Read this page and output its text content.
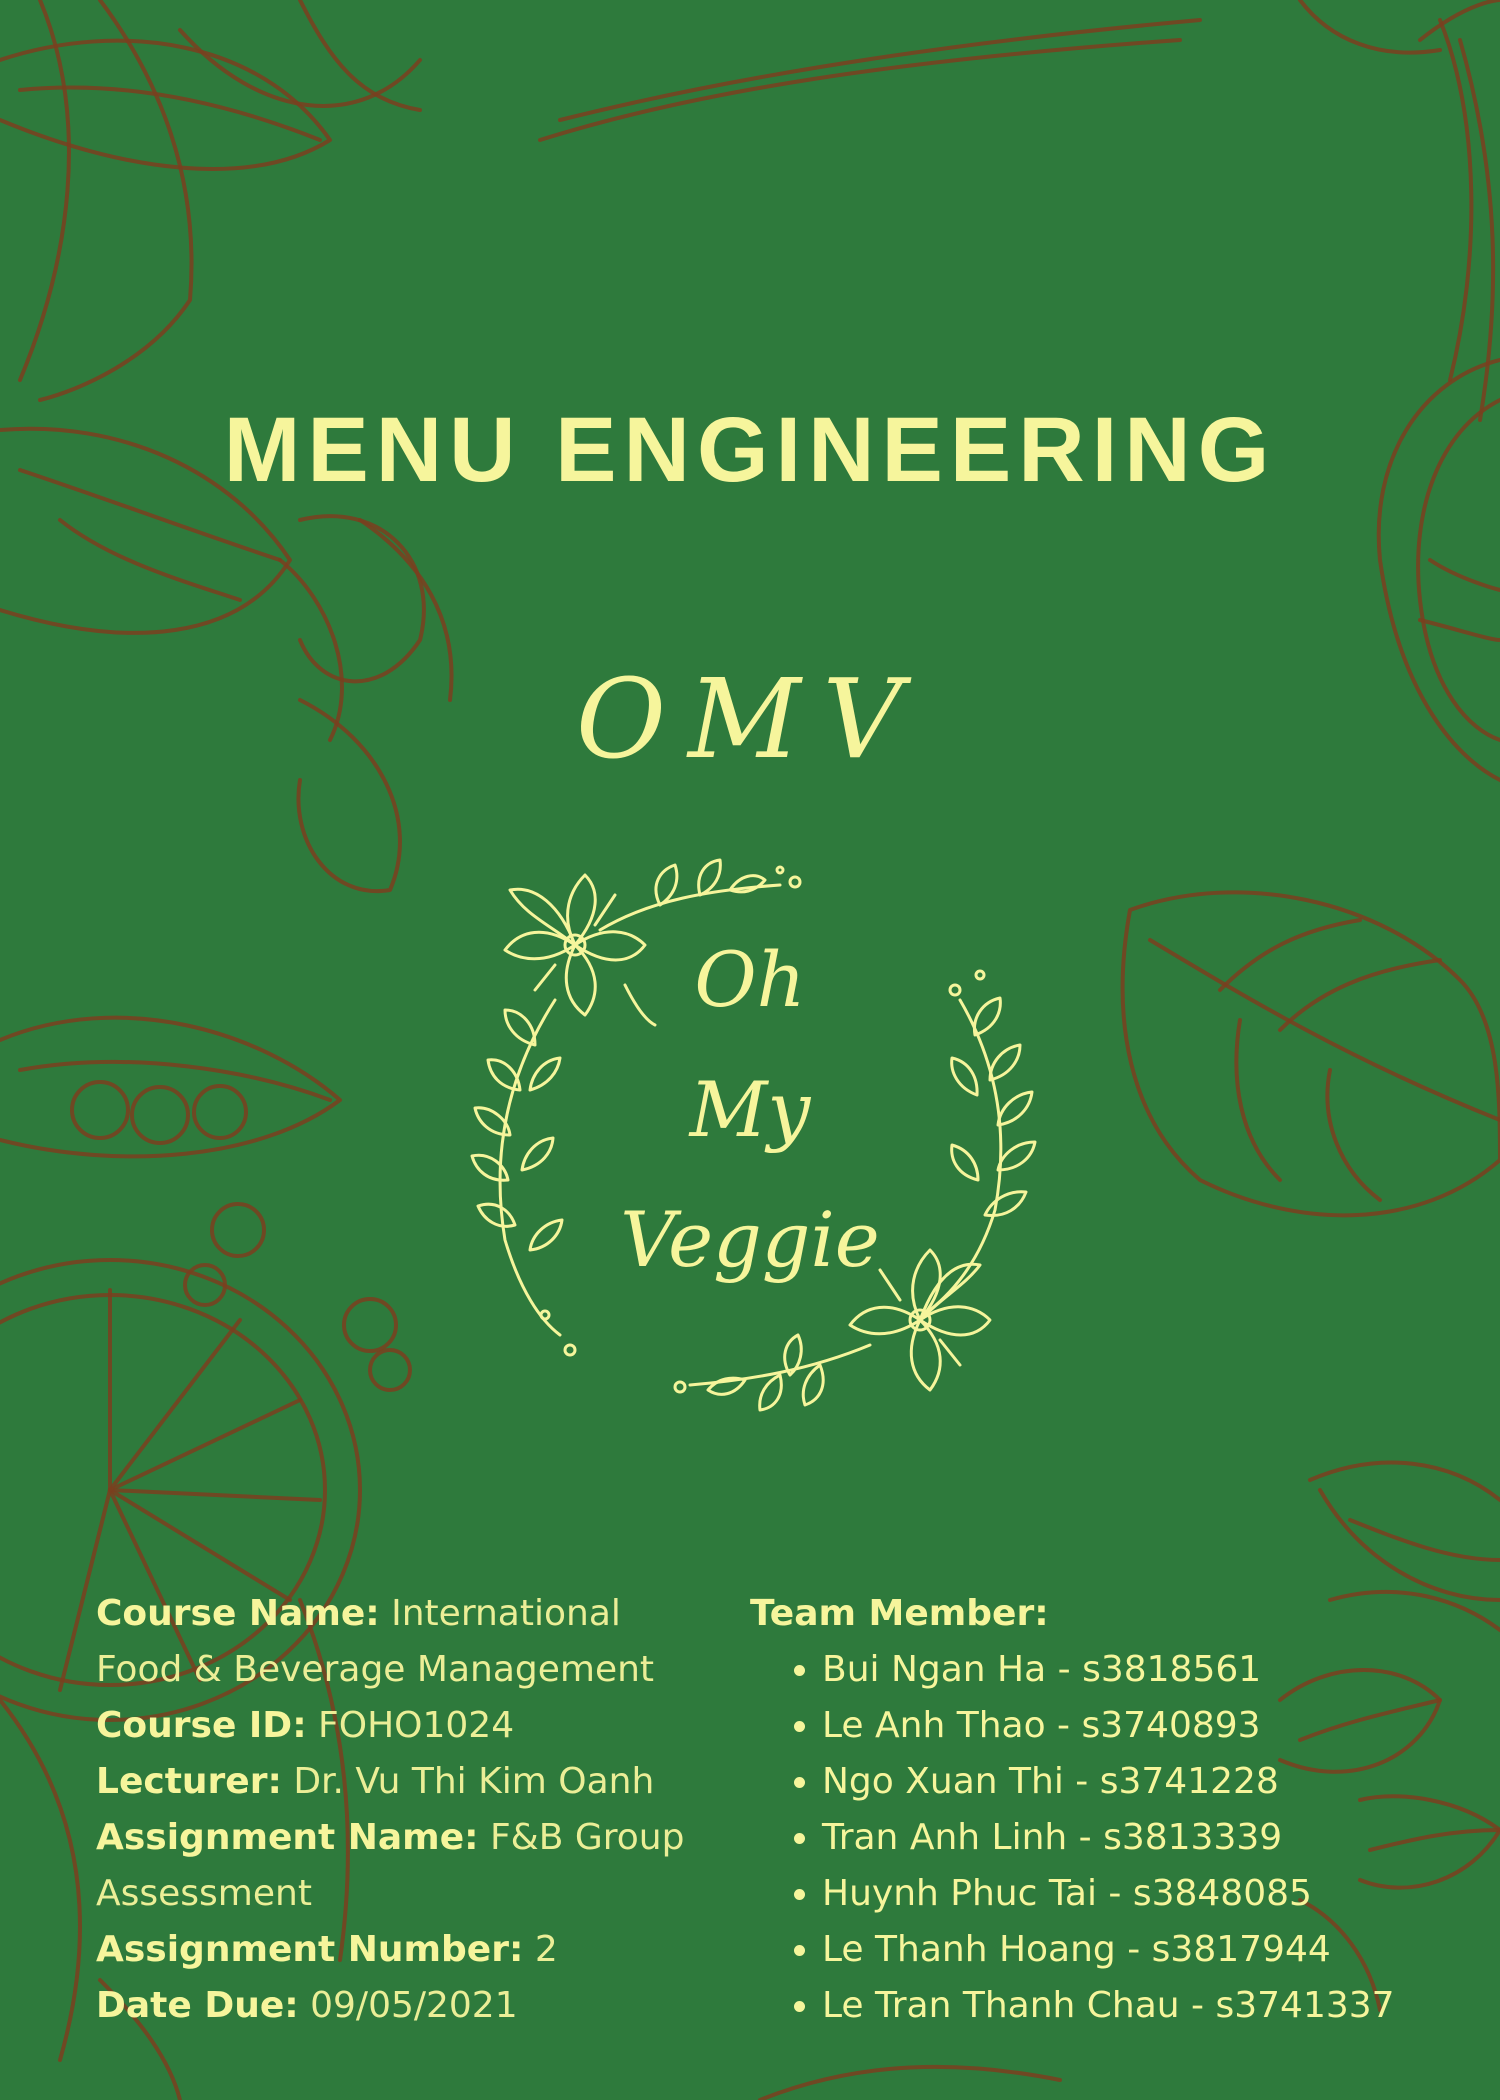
MENU ENGINEERING
OMV
Oh
My
Veggie
Course Name: International Food & Beverage Management
Course ID: FOHO1024
Lecturer: Dr. Vu Thi Kim Oanh
Assignment Name: F&B Group Assessment
Assignment Number: 2
Date Due: 09/05/2021
Team Member:
• Bui Ngan Ha - s3818561
• Le Anh Thao - s3740893
• Ngo Xuan Thi - s3741228
• Tran Anh Linh - s3813339
• Huynh Phuc Tai - s3848085
• Le Thanh Hoang - s3817944
• Le Tran Thanh Chau - s3741337
